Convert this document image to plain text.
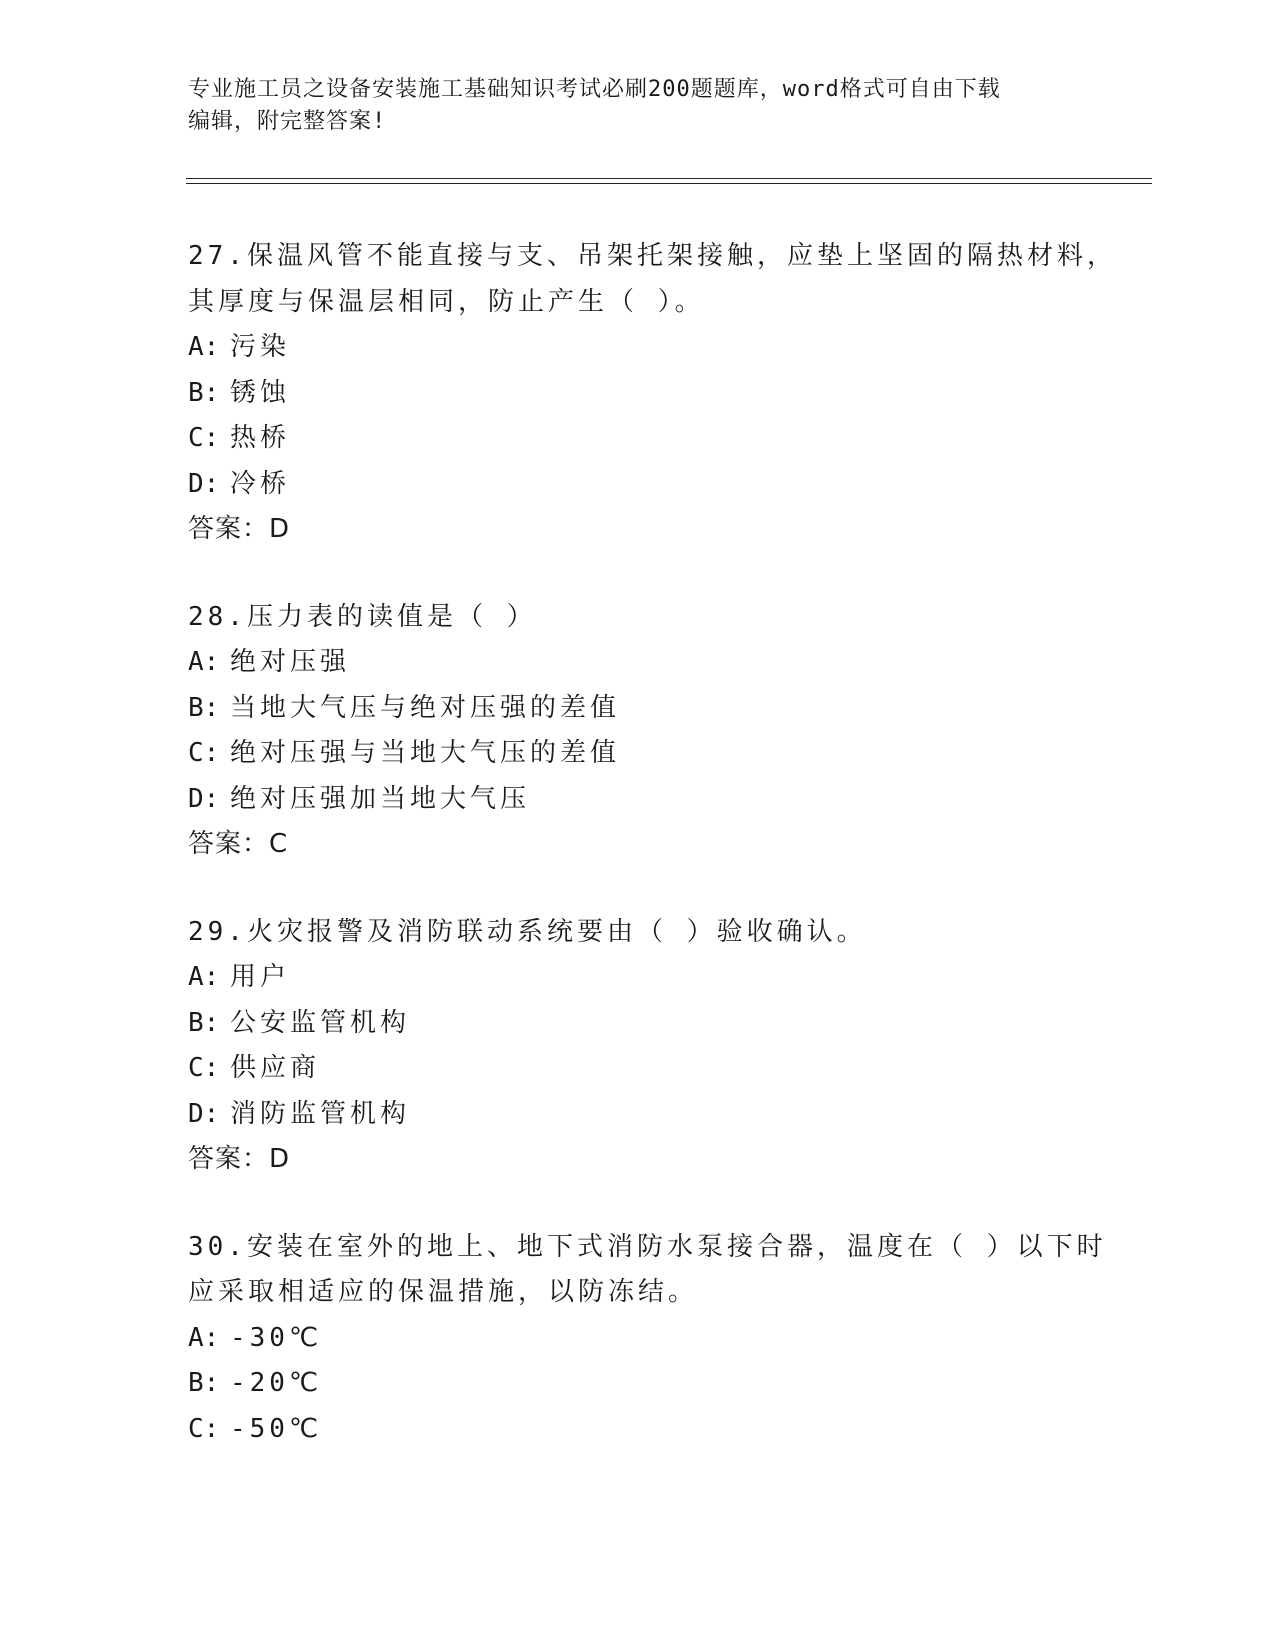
专业施工员之设备安装施工基础知识考试必刷200题题库，word格式可自由下载
编辑，附完整答案!
27.保温风管不能直接与支、吊架托架接触，应垫上坚固的隔热材料，
其厚度与保温层相同，防止产生（ ）。
A: 污染
B: 锈蚀
C: 热桥
D: 冷桥
答案：D
28.压力表的读值是（ ）
A: 绝对压强
B: 当地大气压与绝对压强的差值
C: 绝对压强与当地大气压的差值
D: 绝对压强加当地大气压
答案：C
29.火灾报警及消防联动系统要由（ ）验收确认。
A: 用户
B: 公安监管机构
C: 供应商
D: 消防监管机构
答案：D
30.安装在室外的地上、地下式消防水泵接合器，温度在（ ）以下时
应采取相适应的保温措施，以防冻结。
A: -30℃
B: -20℃
C: -50℃
